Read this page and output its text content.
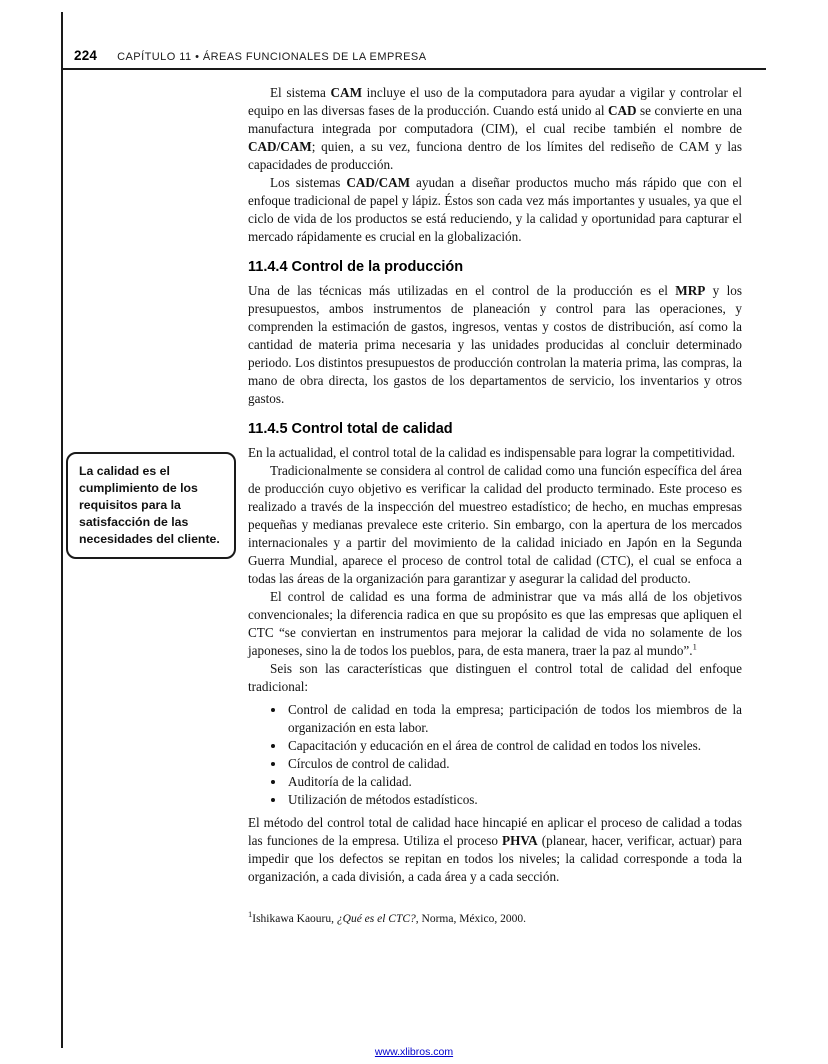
224 CAPÍTULO 11 • ÁREAS FUNCIONALES DE LA EMPRESA

La calidad es el cumplimiento de los requisitos para la satisfacción de las necesidades del cliente.

El sistema CAM incluye el uso de la computadora para ayudar a vigilar y controlar el equipo en las diversas fases de la producción. Cuando está unido al CAD se convierte en una manufactura integrada por computadora (CIM), el cual recibe también el nombre de CAD/CAM; quien, a su vez, funciona dentro de los límites del rediseño de CAM y las capacidades de producción.

Los sistemas CAD/CAM ayudan a diseñar productos mucho más rápido que con el enfoque tradicional de papel y lápiz. Éstos son cada vez más importantes y usuales, ya que el ciclo de vida de los productos se está reduciendo, y la calidad y oportunidad para capturar el mercado rápidamente es crucial en la globalización.

11.4.4 Control de la producción

Una de las técnicas más utilizadas en el control de la producción es el MRP y los presupuestos, ambos instrumentos de planeación y control para las operaciones, y comprenden la estimación de gastos, ingresos, ventas y costos de distribución, así como la cantidad de materia prima necesaria y las unidades producidas al concluir determinado periodo. Los distintos presupuestos de producción controlan la materia prima, las compras, la mano de obra directa, los gastos de los departamentos de servicio, los inventarios y otros gastos.

11.4.5 Control total de calidad

En la actualidad, el control total de la calidad es indispensable para lograr la competitividad.

Tradicionalmente se considera al control de calidad como una función específica del área de producción cuyo objetivo es verificar la calidad del producto terminado. Este proceso es realizado a través de la inspección del muestreo estadístico; de hecho, en muchas empresas pequeñas y medianas prevalece este criterio. Sin embargo, con la apertura de los mercados internacionales y a partir del movimiento de la calidad iniciado en Japón en la Segunda Guerra Mundial, aparece el proceso de control total de calidad (CTC), el cual se enfoca a todas las áreas de la organización para garantizar y asegurar la calidad del producto.

El control de calidad es una forma de administrar que va más allá de los objetivos convencionales; la diferencia radica en que su propósito es que las empresas que apliquen el CTC “se conviertan en instrumentos para mejorar la calidad de vida no solamente de los japoneses, sino la de todos los pueblos, para, de esta manera, traer la paz al mundo”.$^1$

Seis son las características que distinguen el control total de calidad del enfoque tradicional:

• Control de calidad en toda la empresa; participación de todos los miembros de la organización en esta labor.
• Capacitación y educación en el área de control de calidad en todos los niveles.
• Círculos de control de calidad.
• Auditoría de la calidad.
• Utilización de métodos estadísticos.

El método del control total de calidad hace hincapié en aplicar el proceso de calidad a todas las funciones de la empresa. Utiliza el proceso PHVA (planear, hacer, verificar, actuar) para impedir que los defectos se repitan en todos los niveles; la calidad corresponde a toda la organización, a cada división, a cada área y a cada sección.

$^1$Ishikawa Kaouru, ¿Qué es el CTC?, Norma, México, 2000.
www.xlibros.com
